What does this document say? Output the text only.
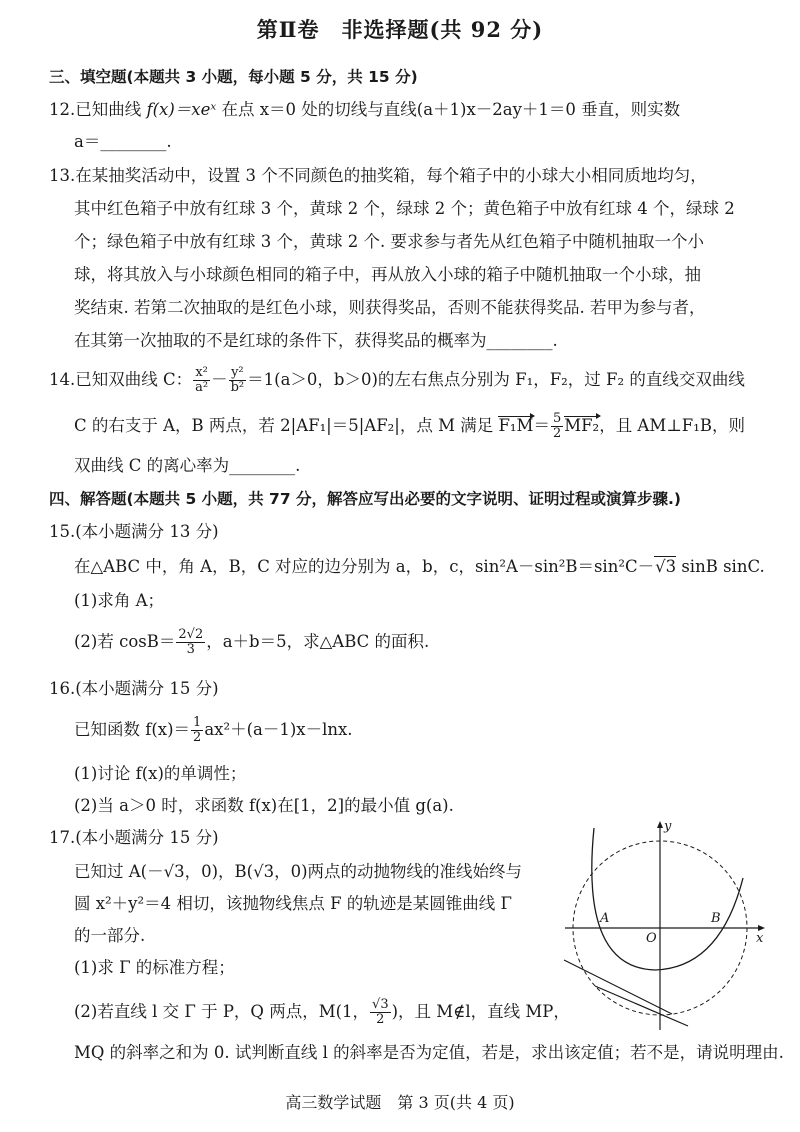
第Ⅱ卷　非选择题(共 92 分)
三、填空题(本题共 3 小题，每小题 5 分，共 15 分)
12.已知曲线 f(x)＝xeˣ 在点 x＝0 处的切线与直线(a＋1)x－2ay＋1＝0 垂直，则实数
a＝________.
13.在某抽奖活动中，设置 3 个不同颜色的抽奖箱，每个箱子中的小球大小相同质地均匀，
其中红色箱子中放有红球 3 个，黄球 2 个，绿球 2 个；黄色箱子中放有红球 4 个，绿球 2
个；绿色箱子中放有红球 3 个，黄球 2 个. 要求参与者先从红色箱子中随机抽取一个小
球，将其放入与小球颜色相同的箱子中，再从放入小球的箱子中随机抽取一个小球，抽
奖结束. 若第二次抽取的是红色小球，则获得奖品，否则不能获得奖品. 若甲为参与者，
在其第一次抽取的不是红球的条件下，获得奖品的概率为________.
14.已知双曲线 C： $\frac{\text{x²}}{\text{a²}} - \frac{\text{y²}}{\text{b²}} =1(a>0$，b＞0)的左右焦点分别为 F₁，F₂，过 F₂ 的直线交双曲线
C 的右支于 A，B 两点，若 2|AF₁|＝5|AF₂|，点 M 满足 $F_1M= \frac{5}{2} MF_2$，且 AM⊥F₁B，则
双曲线 C 的离心率为________.
四、解答题(本题共 5 小题，共 77 分，解答应写出必要的文字说明、证明过程或演算步骤.)
15.(本小题满分 13 分)
在△ABC 中，角 A，B，C 对应的边分别为 a，b，c，sin²A－sin²B＝sin²C－√3 sinB sinC.
(1)求角 A；
(2)若 $\cos B= \frac{2√2}{3}$ ，a＋b＝5，求△ABC 的面积.
16.(本小题满分 15 分)
已知函数 $f(x)= \frac{1}{2} ax^2+(a-1)x-\ln x$.
(1)讨论 f(x)的单调性；
(2)当 a＞0 时，求函数 f(x)在[1，2]的最小值 g(a).
17.(本小题满分 15 分)
已知过 A(－√3，0)，B(√3，0)两点的动抛物线的准线始终与
圆 x²＋y²＝4 相切，该抛物线焦点 F 的轨迹是某圆锥曲线 Γ
的一部分.
(1)求 Γ 的标准方程；
(2)若直线 l 交 Γ 于 P，Q 两点，M(1， $\frac{√3}{2}$ )，且 M∉l，直线 MP，
MQ 的斜率之和为 0. 试判断直线 l 的斜率是否为定值，若是，求出该定值；若不是，请说明理由.
y
x
A
O
B
高三数学试题　第 3 页(共 4 页)
